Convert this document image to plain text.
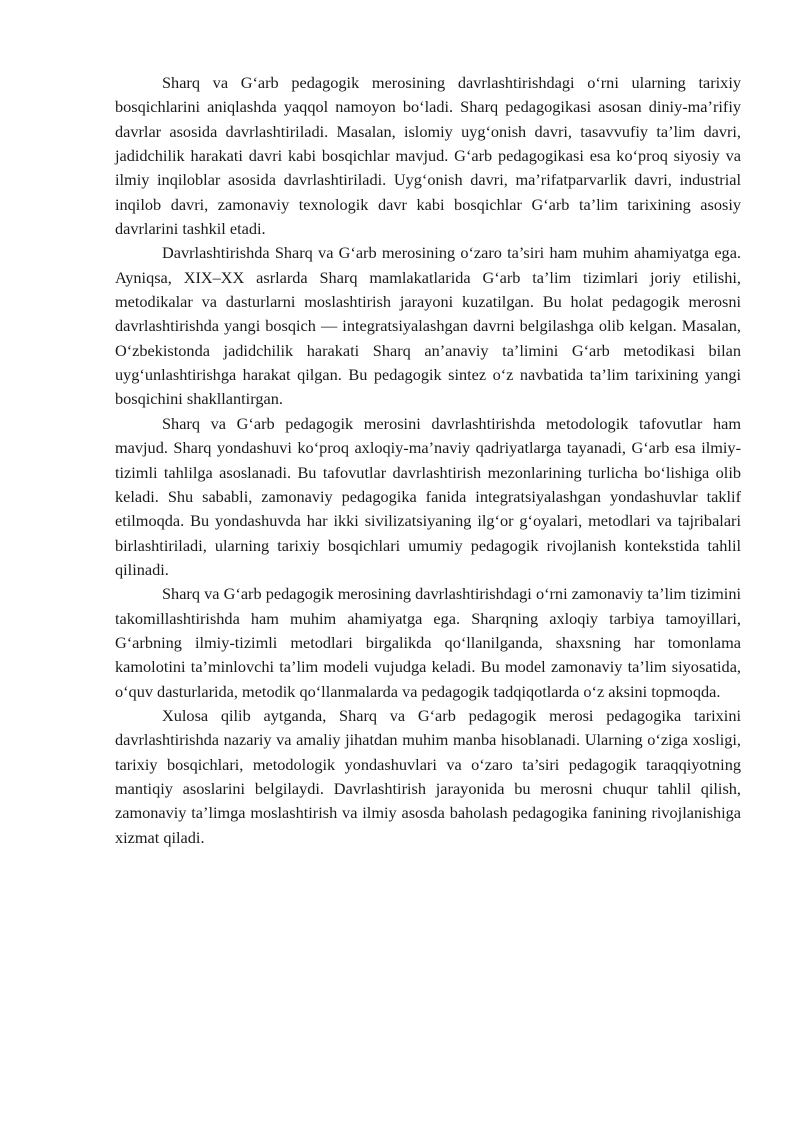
Sharq va G‘arb pedagogik merosining davrlashtirishdagi o‘rni ularning tarixiy bosqichlarini aniqlashda yaqqol namoyon bo‘ladi. Sharq pedagogikasi asosan diniy-ma’rifiy davrlar asosida davrlashtiriladi. Masalan, islomiy uyg‘onish davri, tasavvufiy ta’lim davri, jadidchilik harakati davri kabi bosqichlar mavjud. G‘arb pedagogikasi esa ko‘proq siyosiy va ilmiy inqiloblar asosida davrlashtiriladi. Uyg‘onish davri, ma’rifatparvarlik davri, industrial inqilob davri, zamonaviy texnologik davr kabi bosqichlar G‘arb ta’lim tarixining asosiy davrlarini tashkil etadi.

Davrlashtirishda Sharq va G‘arb merosining o‘zaro ta’siri ham muhim ahamiyatga ega. Ayniqsa, XIX–XX asrlarda Sharq mamlakatlarida G‘arb ta’lim tizimlari joriy etilishi, metodikalar va dasturlarni moslashtirish jarayoni kuzatilgan. Bu holat pedagogik merosni davrlashtirishda yangi bosqich — integratsiyalashgan davrni belgilashga olib kelgan. Masalan, O‘zbekistonda jadidchilik harakati Sharq an’anaviy ta’limini G‘arb metodikasi bilan uyg‘unlashtirishga harakat qilgan. Bu pedagogik sintez o‘z navbatida ta’lim tarixining yangi bosqichini shakllantirgan.

Sharq va G‘arb pedagogik merosini davrlashtirishda metodologik tafovutlar ham mavjud. Sharq yondashuvi ko‘proq axloqiy-ma’naviy qadriyatlarga tayanadi, G‘arb esa ilmiy-tizimli tahlilga asoslanadi. Bu tafovutlar davrlashtirish mezonlarining turlicha bo‘lishiga olib keladi. Shu sababli, zamonaviy pedagogika fanida integratsiyalashgan yondashuvlar taklif etilmoqda. Bu yondashuvda har ikki sivilizatsiyaning ilg‘or g‘oyalari, metodlari va tajribalari birlashtiriladi, ularning tarixiy bosqichlari umumiy pedagogik rivojlanish kontekstida tahlil qilinadi.

Sharq va G‘arb pedagogik merosining davrlashtirishdagi o‘rni zamonaviy ta’lim tizimini takomillashtirishda ham muhim ahamiyatga ega. Sharqning axloqiy tarbiya tamoyillari, G‘arbning ilmiy-tizimli metodlari birgalikda qo‘llanilganda, shaxsning har tomonlama kamolotini ta’minlovchi ta’lim modeli vujudga keladi. Bu model zamonaviy ta’lim siyosatida, o‘quv dasturlarida, metodik qo‘llanmalarda va pedagogik tadqiqotlarda o‘z aksini topmoqda.

Xulosa qilib aytganda, Sharq va G‘arb pedagogik merosi pedagogika tarixini davrlashtirishda nazariy va amaliy jihatdan muhim manba hisoblanadi. Ularning o‘ziga xosligi, tarixiy bosqichlari, metodologik yondashuvlari va o‘zaro ta’siri pedagogik taraqqiyotning mantiqiy asoslarini belgilaydi. Davrlashtirish jarayonida bu merosni chuqur tahlil qilish, zamonaviy ta’limga moslashtirish va ilmiy asosda baholash pedagogika fanining rivojlanishiga xizmat qiladi.
